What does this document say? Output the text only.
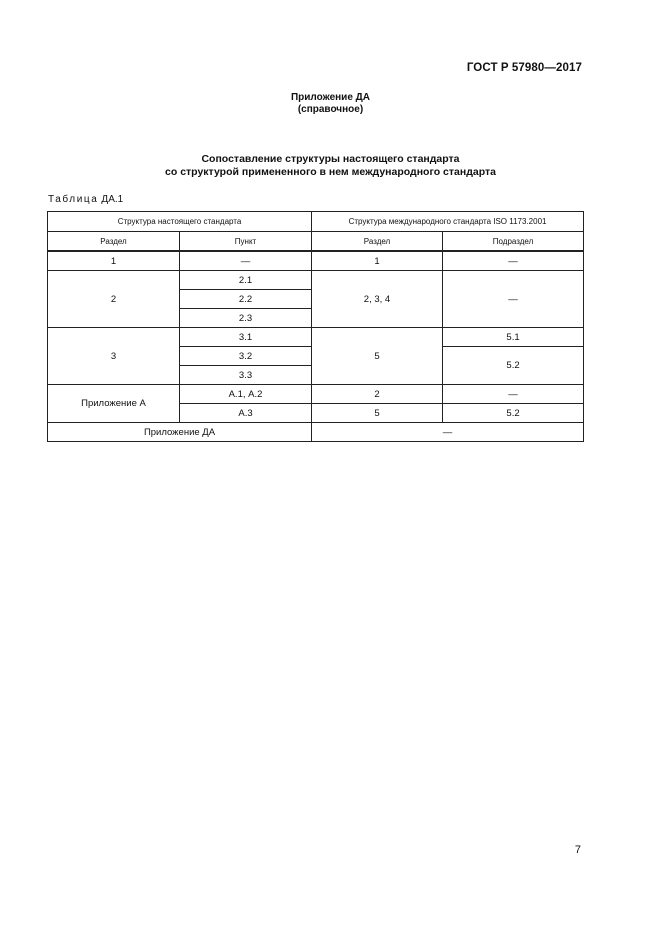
ГОСТ Р 57980—2017
Приложение ДА
(справочное)
Сопоставление структуры настоящего стандарта
со структурой примененного в нем международного стандарта
Таблица ДА.1
Структура настоящего стандарта		Структура международного стандарта ISO 1173.2001	
Раздел	Пункт	Раздел	Подраздел
1	—	1	—
2	2.1	2, 3, 4	—
	2.2		
	2.3		
3	3.1	5	5.1
	3.2		5.2
	3.3		
Приложение А	А.1, А.2	2	—
	А.3	5	5.2
Приложение ДА		—	
7
